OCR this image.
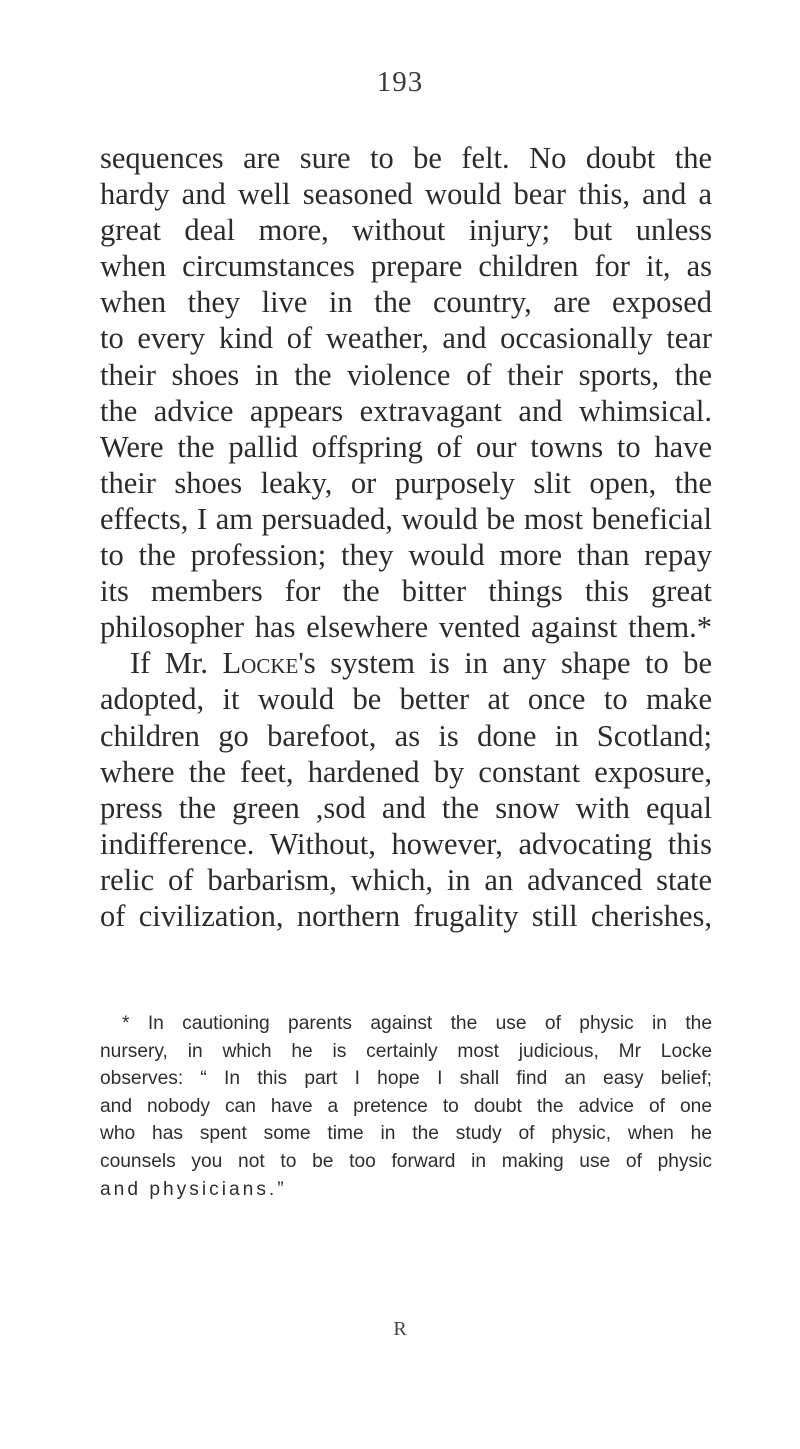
193
sequences are sure to be felt. No doubt the
hardy and well seasoned would bear this, and a
great deal more, without injury; but unless
when circumstances prepare children for it, as
when they live in the country, are exposed
to every kind of weather, and occasionally tear
their shoes in the violence of their sports, the
the advice appears extravagant and whimsical.
Were the pallid offspring of our towns to have
their shoes leaky, or purposely slit open, the
effects, I am persuaded, would be most beneficial
to the profession; they would more than repay
its members for the bitter things this great
philosopher has elsewhere vented against them.*
If Mr. Locke's system is in any shape to be
adopted, it would be better at once to make
children go barefoot, as is done in Scotland;
where the feet, hardened by constant exposure,
press the green ,sod and the snow with equal
indifference. Without, however, advocating this
relic of barbarism, which, in an advanced state
of civilization, northern frugality still cherishes,
* In cautioning parents against the use of physic in the
nursery, in which he is certainly most judicious, Mr Locke
observes: “ In this part I hope I shall find an easy belief;
and nobody can have a pretence to doubt the advice of one
who has spent some time in the study of physic, when he
counsels you not to be too forward in making use of physic
and physicians.”
R
